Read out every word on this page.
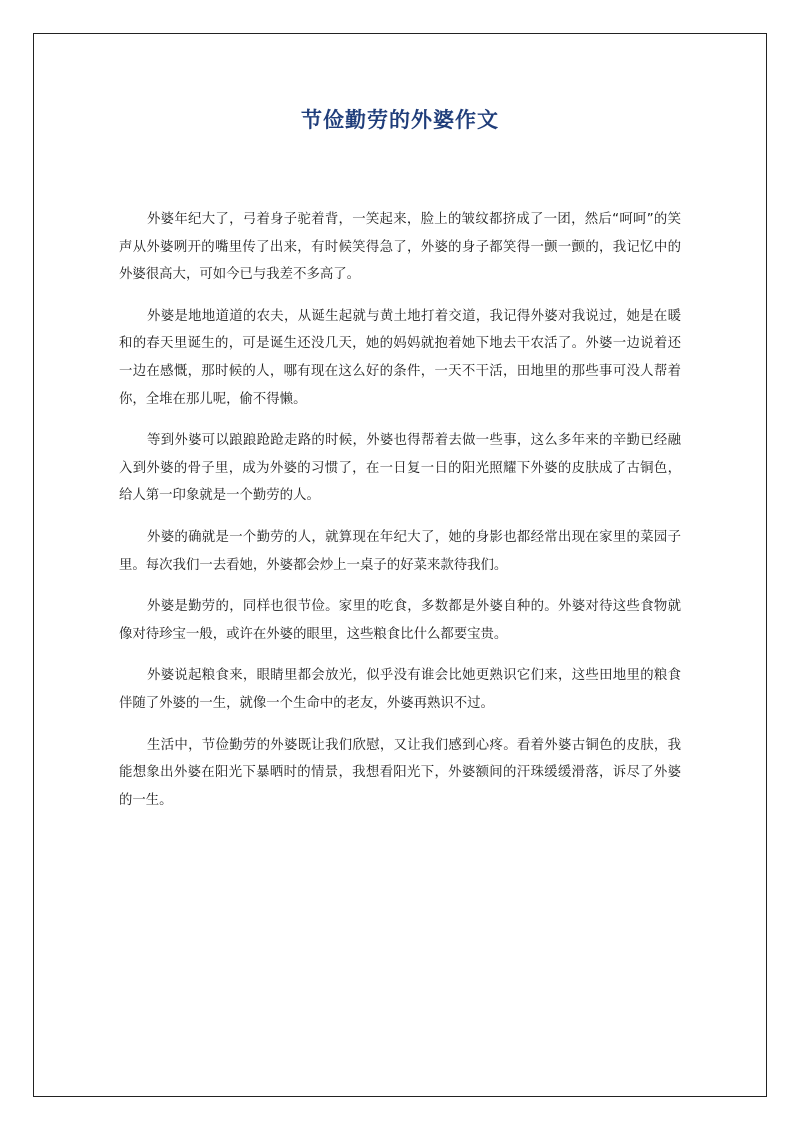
节俭勤劳的外婆作文

外婆年纪大了，弓着身子驼着背，一笑起来，脸上的皱纹都挤成了一团，然后“呵呵”的笑声从外婆咧开的嘴里传了出来，有时候笑得急了，外婆的身子都笑得一颤一颤的，我记忆中的外婆很高大，可如今已与我差不多高了。

外婆是地地道道的农夫，从诞生起就与黄土地打着交道，我记得外婆对我说过，她是在暖和的春天里诞生的，可是诞生还没几天，她的妈妈就抱着她下地去干农活了。外婆一边说着还一边在感慨，那时候的人，哪有现在这么好的条件，一天不干活，田地里的那些事可没人帮着你，全堆在那儿呢，偷不得懒。

等到外婆可以踉踉跄跄走路的时候，外婆也得帮着去做一些事，这么多年来的辛勤已经融入到外婆的骨子里，成为外婆的习惯了，在一日复一日的阳光照耀下外婆的皮肤成了古铜色，给人第一印象就是一个勤劳的人。

外婆的确就是一个勤劳的人，就算现在年纪大了，她的身影也都经常出现在家里的菜园子里。每次我们一去看她，外婆都会炒上一桌子的好菜来款待我们。

外婆是勤劳的，同样也很节俭。家里的吃食，多数都是外婆自种的。外婆对待这些食物就像对待珍宝一般，或许在外婆的眼里，这些粮食比什么都要宝贵。

外婆说起粮食来，眼睛里都会放光，似乎没有谁会比她更熟识它们来，这些田地里的粮食伴随了外婆的一生，就像一个生命中的老友，外婆再熟识不过。

生活中，节俭勤劳的外婆既让我们欣慰，又让我们感到心疼。看着外婆古铜色的皮肤，我能想象出外婆在阳光下暴晒时的情景，我想看阳光下，外婆额间的汗珠缓缓滑落，诉尽了外婆的一生。
